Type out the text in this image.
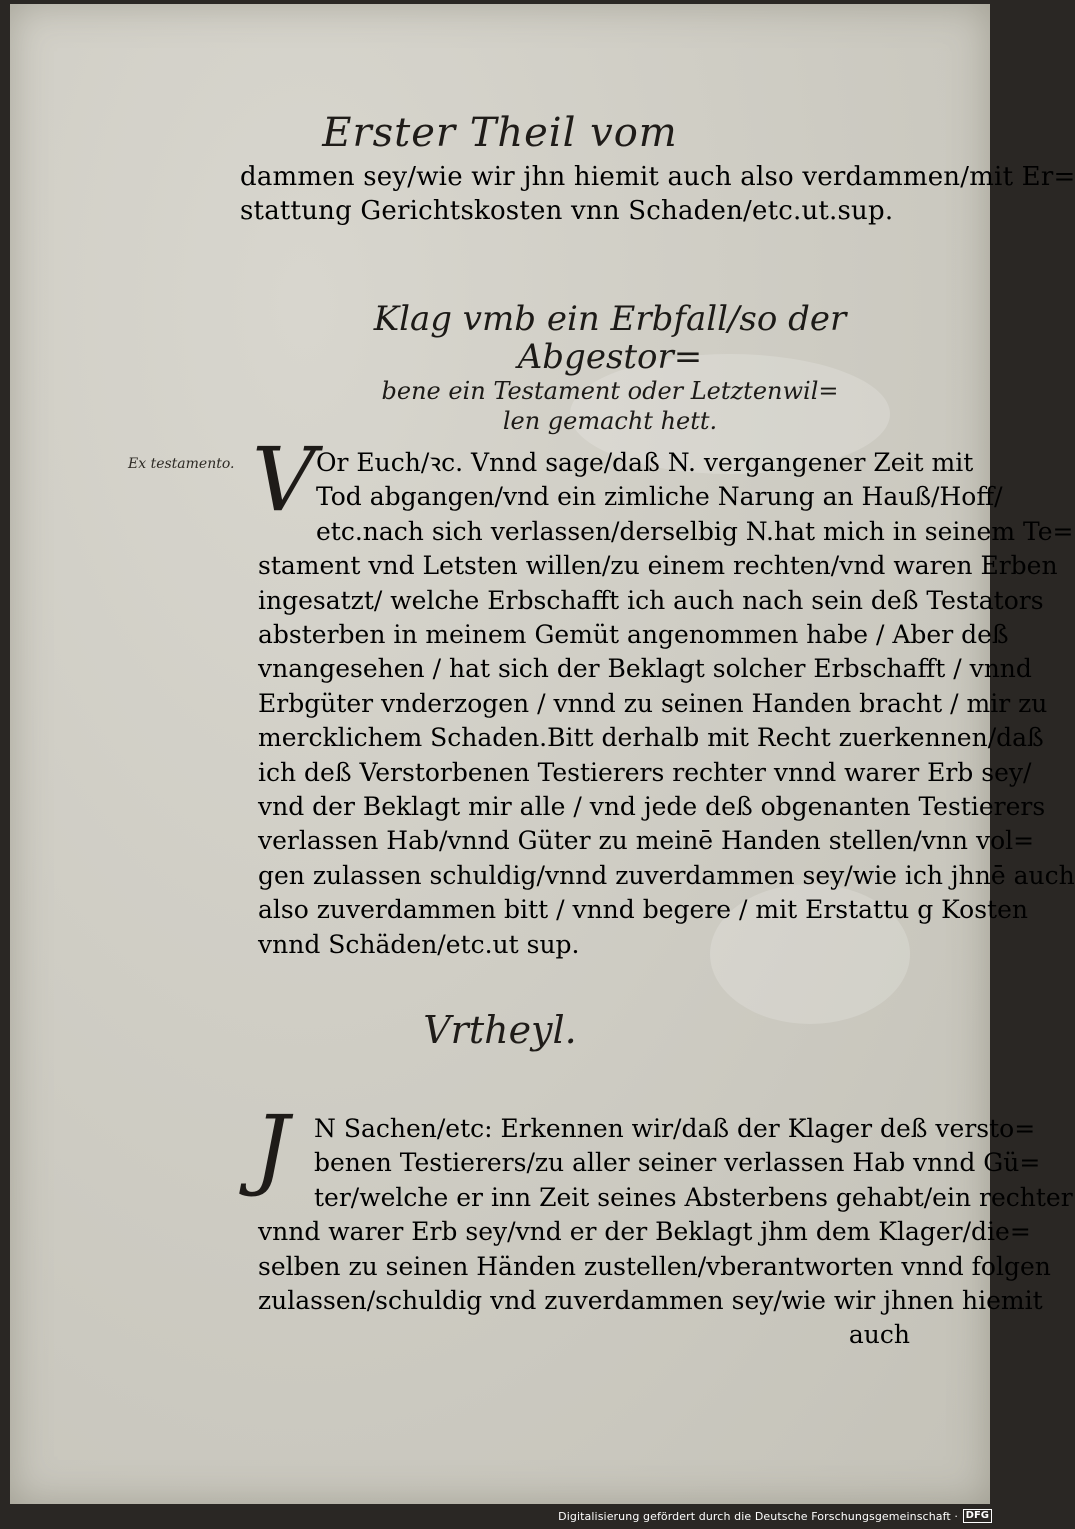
Erster Theil vom
dammen sey/wie wir jhn hiemit auch also verdammen/mit Er=
stattung Gerichtskosten vnn Schaden/etc.ut.sup.
Klag vmb ein Erbfall/so der Abgestor=
bene ein Testament oder Letztenwil=
len gemacht hett.
Ex testamento. V Or Euch/ꝛc. Vnnd sage/daß N. vergangener Zeit mit
Tod abgangen/vnd ein zimliche Narung an Hauß/Hoff/
etc.nach sich verlassen/derselbig N.hat mich in seinem Te=
stament vnd Letsten willen/zu einem rechten/vnd waren Erben
ingesatzt/ welche Erbschafft ich auch nach sein deß Testators
absterben in meinem Gemüt angenommen habe / Aber deß
vnangesehen / hat sich der Beklagt solcher Erbschafft / vnnd
Erbgüter vnderzogen / vnnd zu seinen Handen bracht / mir zu
mercklichem Schaden.Bitt derhalb mit Recht zuerkennen/daß
ich deß Verstorbenen Testierers rechter vnnd warer Erb sey/
vnd der Beklagt mir alle / vnd jede deß obgenanten Testierers
verlassen Hab/vnnd Güter zu meinē Handen stellen/vnn vol=
gen zulassen schuldig/vnnd zuverdammen sey/wie ich jhnē auch
also zuverdammen bitt / vnnd begere / mit Erstattu g Kosten
vnnd Schäden/etc.ut sup.
Vrtheyl.
J N Sachen/etc: Erkennen wir/daß der Klager deß versto=
benen Testierers/zu aller seiner verlassen Hab vnnd Gü=
ter/welche er inn Zeit seines Absterbens gehabt/ein rechter
vnnd warer Erb sey/vnd er der Beklagt jhm dem Klager/die=
selben zu seinen Händen zustellen/vberantworten vnnd folgen
zulassen/schuldig vnd zuverdammen sey/wie wir jhnen hiemit
auch
Digitalisierung gefördert durch die Deutsche Forschungsgemeinschaft · DFG
